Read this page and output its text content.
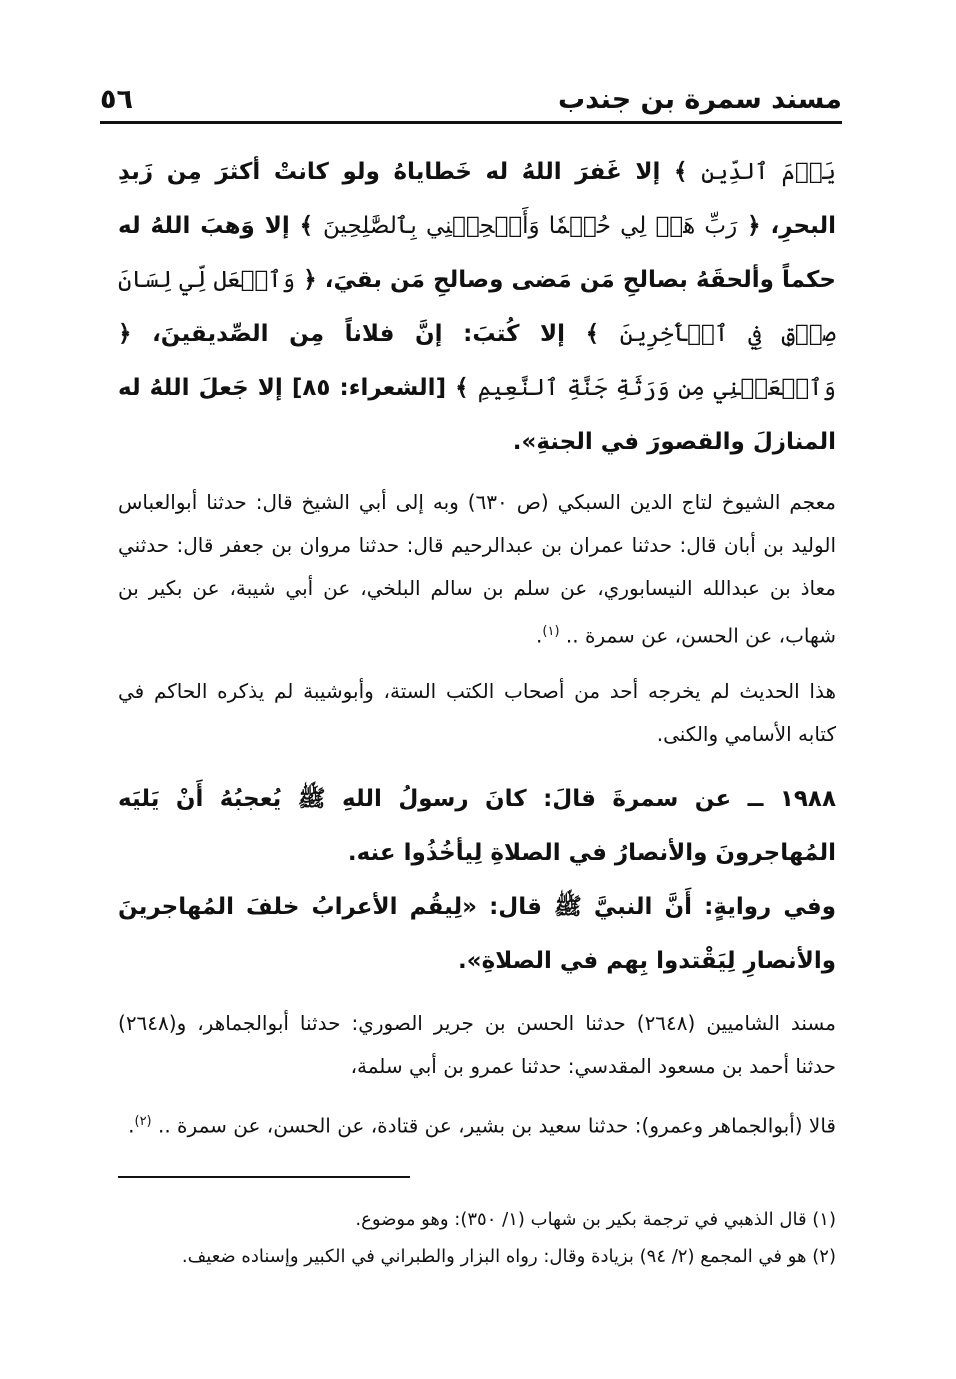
مسند سمرة بن جندب
٥٦

يَوۡمَ ٱلدِّينِ ﴾ إلا غَفرَ اللهُ له خَطاياهُ ولو كانتْ أكثرَ مِن زَبدِ البحرِ، ﴿ رَبِّ هَبۡ لِي حُكۡمٗا وَأَلۡحِقۡنِي بِٱلصَّٰلِحِينَ ﴾ إلا وَهبَ اللهُ له حكماً وألحقَهُ بصالحِ مَن مَضى وصالحِ مَن بقيَ، ﴿ وَٱجۡعَل لِّي لِسَانَ صِدۡقٖ فِي ٱلۡأٓخِرِينَ ﴾ إلا كُتبَ: إنَّ فلاناً مِن الصِّديقينَ، ﴿ وَٱجۡعَلۡنِي مِن وَرَثَةِ جَنَّةِ ٱلنَّعِيمِ ﴾ [الشعراء: ٨٥] إلا جَعلَ اللهُ له المنازلَ والقصورَ في الجنةِ».

معجم الشيوخ لتاج الدين السبكي (ص ٦٣٠) وبه إلى أبي الشيخ قال: حدثنا أبوالعباس الوليد بن أبان قال: حدثنا عمران بن عبدالرحيم قال: حدثنا مروان بن جعفر قال: حدثني معاذ بن عبدالله النيسابوري، عن سلم بن سالم البلخي، عن أبي شيبة، عن بكير بن شهاب، عن الحسن، عن سمرة .. $^{(١)}$.

هذا الحديث لم يخرجه أحد من أصحاب الكتب الستة، وأبوشيبة لم يذكره الحاكم في كتابه الأسامي والكنى.

١٩٨٨ ــ عن سمرةَ قالَ: كانَ رسولُ اللهِ ﷺ يُعجبُهُ أَنْ يَليَه المُهاجرونَ والأنصارُ في الصلاةِ لِيأخُذُوا عنه.

وفي روايةٍ: أَنَّ النبيَّ ﷺ قال: «لِيقُم الأعرابُ خلفَ المُهاجرينَ والأنصارِ لِيَقْتدوا بِهم في الصلاةِ».

مسند الشاميين (٢٦٤٨) حدثنا الحسن بن جرير الصوري: حدثنا أبوالجماهر، و(٢٦٤٨) حدثنا أحمد بن مسعود المقدسي: حدثنا عمرو بن أبي سلمة،

قالا (أبوالجماهر وعمرو): حدثنا سعيد بن بشير، عن قتادة، عن الحسن، عن سمرة .. $^{(٢)}$.

(١) قال الذهبي في ترجمة بكير بن شهاب (١/ ٣٥٠): وهو موضوع.

(٢) هو في المجمع (٢/ ٩٤) بزيادة وقال: رواه البزار والطبراني في الكبير وإسناده ضعيف.
